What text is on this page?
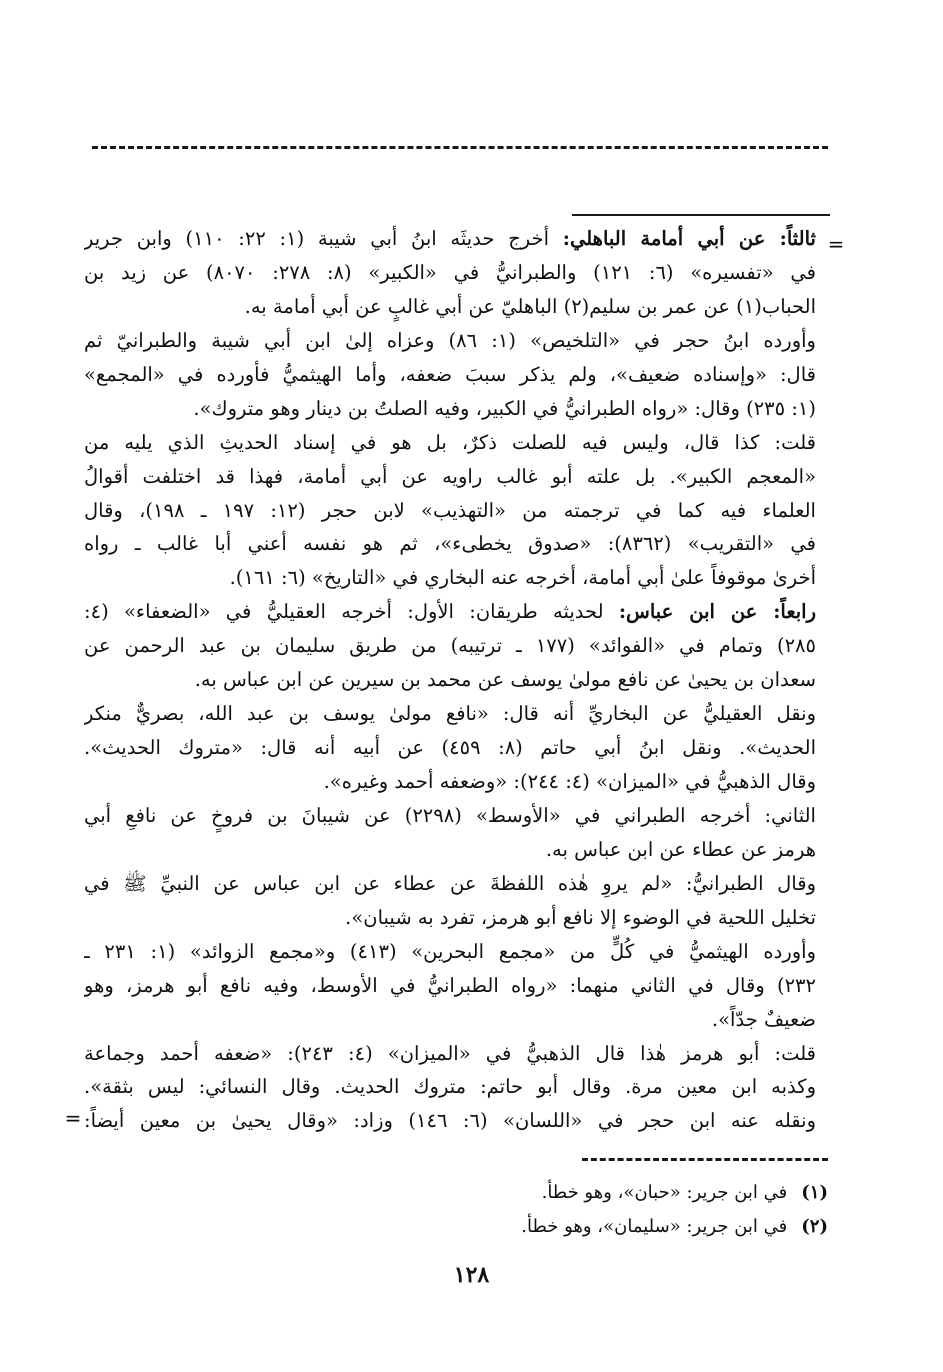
=
ثالثاً: عن أبي أمامة الباهلي: أخرج حديثَه ابنُ أبي شيبة (١: ٢٢: ١١٠) وابن جرير
في «تفسيره» (٦: ١٢١) والطبرانيُّ في «الكبير» (٨: ٢٧٨: ٨٠٧٠) عن زيد بن
الحباب(١) عن عمر بن سليم(٢) الباهليّ عن أبي غالبٍ عن أبي أمامة به.
وأورده ابنُ حجر في «التلخيص» (١: ٨٦) وعزاه إلىٰ ابن أبي شيبة والطبرانيّ ثم
قال: «وإسناده ضعيف»، ولم يذكر سببَ ضعفه، وأما الهيثميُّ فأورده في «المجمع»
(١: ٢٣٥) وقال: «رواه الطبرانيُّ في الكبير، وفيه الصلتُ بن دينار وهو متروك».
قلت: كذا قال، وليس فيه للصلت ذكرٌ، بل هو في إسناد الحديثِ الذي يليه من
«المعجم الكبير». بل علته أبو غالب راويه عن أبي أمامة، فهذا قد اختلفت أقوالُ
العلماء فيه كما في ترجمته من «التهذيب» لابن حجر (١٢: ١٩٧ ـ ١٩٨)، وقال
في «التقريب» (٨٣٦٢): «صدوق يخطىء»، ثم هو نفسه أعني أبا غالب ـ رواه
أخرىٰ موقوفاً علىٰ أبي أمامة، أخرجه عنه البخاري في «التاريخ» (٦: ١٦١).
رابعاً: عن ابن عباس: لحديثه طريقان: الأول: أخرجه العقيليُّ في «الضعفاء» (٤:
٢٨٥) وتمام في «الفوائد» (١٧٧ ـ ترتيبه) من طريق سليمان بن عبد الرحمن عن
سعدان بن يحيىٰ عن نافع مولىٰ يوسف عن محمد بن سيرين عن ابن عباس به.
ونقل العقيليُّ عن البخاريِّ أنه قال: «نافع مولىٰ يوسف بن عبد الله، بصريٌّ منكر
الحديث». ونقل ابنُ أبي حاتم (٨: ٤٥٩) عن أبيه أنه قال: «متروك الحديث».
وقال الذهبيُّ في «الميزان» (٤: ٢٤٤): «وضعفه أحمد وغيره».
الثاني: أخرجه الطبراني في «الأوسط» (٢٢٩٨) عن شيبانَ بن فروخٍ عن نافعِ أبي
هرمز عن عطاء عن ابن عباس به.
وقال الطبرانيُّ: «لم يروِ هٰذه اللفظةَ عن عطاء عن ابن عباس عن النبيِّ ﷺ في
تخليل اللحية في الوضوء إلا نافع أبو هرمز، تفرد به شيبان».
وأورده الهيثميُّ في كُلٍّ من «مجمع البحرين» (٤١٣) و«مجمع الزوائد» (١: ٢٣١ ـ
٢٣٢) وقال في الثاني منهما: «رواه الطبرانيُّ في الأوسط، وفيه نافع أبو هرمز، وهو
ضعيفٌ جدّاً».
قلت: أبو هرمز هٰذا قال الذهبيُّ في «الميزان» (٤: ٢٤٣): «ضعفه أحمد وجماعة
وكذبه ابن معين مرة. وقال أبو حاتم: متروك الحديث. وقال النسائي: ليس بثقة».
ونقله عنه ابن حجر في «اللسان» (٦: ١٤٦) وزاد: «وقال يحيىٰ بن معين أيضاً:
=
(١)في ابن جرير: «حبان»، وهو خطأ.
(٢)في ابن جرير: «سليمان»، وهو خطأ.
١٢٨
